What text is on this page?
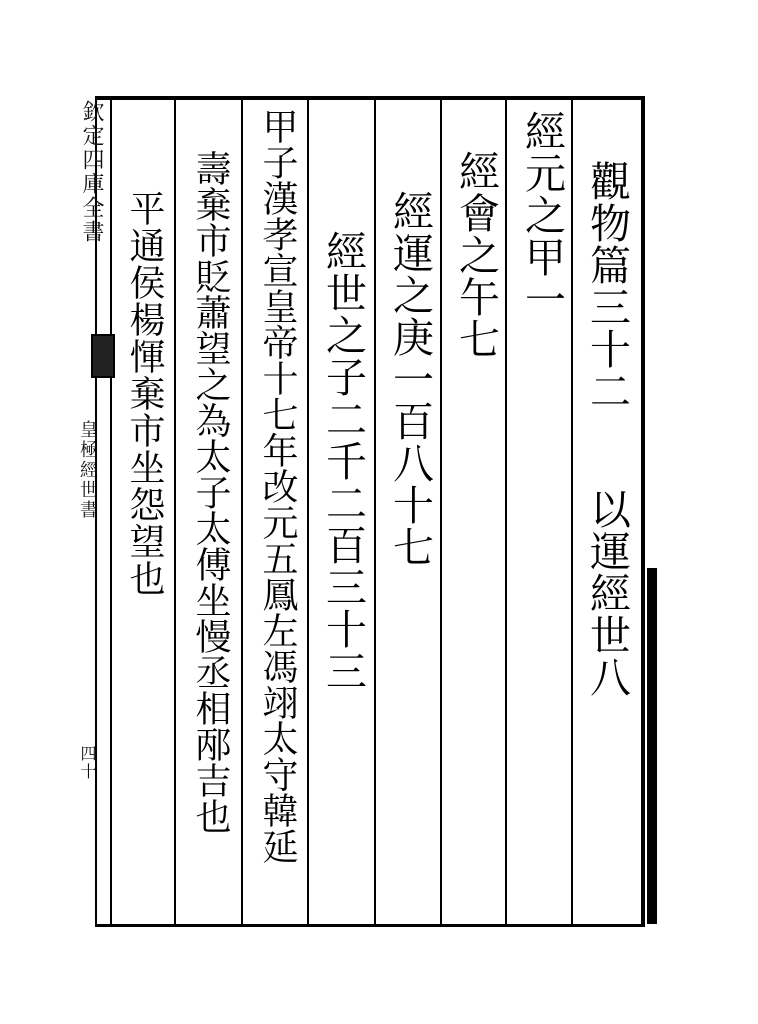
觀物篇三十二
以運經世八
經元之甲一
經會之午七
經運之庚一百八十七
經世之子二千二百三十三
甲子漢孝宣皇帝十七年改元五鳳左馮翊太守韓延
壽棄市貶蕭望之為太子太傅坐慢丞相邴吉也
平通侯楊惲棄市坐怨望也
欽定四庫全書
皇極經世書
四十
